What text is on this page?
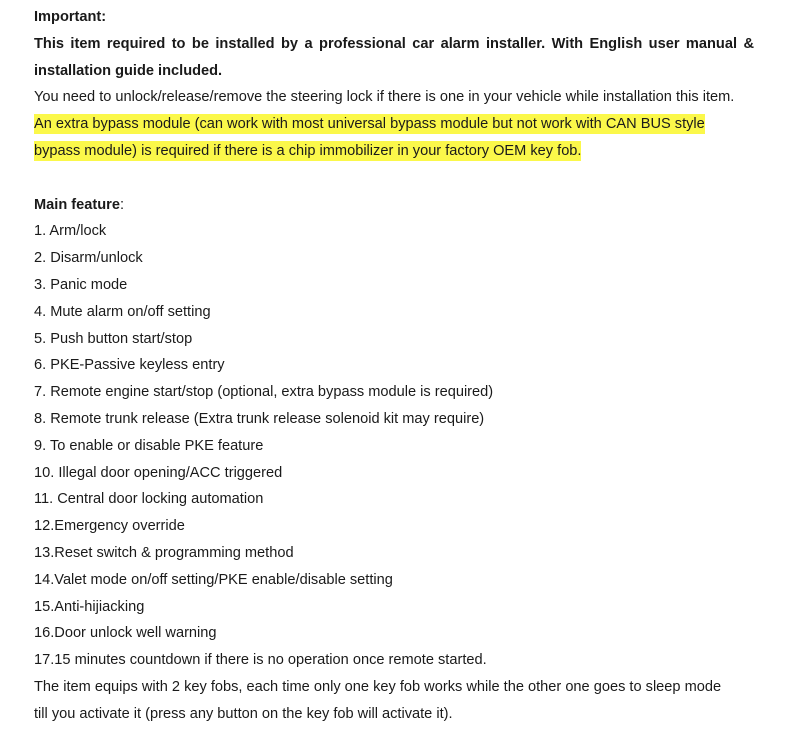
Important:
This item required to be installed by a professional car alarm installer. With English user manual &
installation guide included.
You need to unlock/release/remove the steering lock if there is one in your vehicle while installation this item.
An extra bypass module (can work with most universal bypass module but not work with CAN BUS style
bypass module) is required if there is a chip immobilizer in your factory OEM key fob.
Main feature:
1. Arm/lock
2. Disarm/unlock
3. Panic mode
4. Mute alarm on/off setting
5. Push button start/stop
6. PKE-Passive keyless entry
7. Remote engine start/stop (optional, extra bypass module is required)
8. Remote trunk release (Extra trunk release solenoid kit may require)
9. To enable or disable PKE feature
10. Illegal door opening/ACC triggered
11. Central door locking automation
12.Emergency override
13.Reset switch & programming method
14.Valet mode on/off setting/PKE enable/disable setting
15.Anti-hijiacking
16.Door unlock well warning
17.15 minutes countdown if there is no operation once remote started.
The item equips with 2 key fobs, each time only one key fob works while the other one goes to sleep mode
till you activate it (press any button on the key fob will activate it).
